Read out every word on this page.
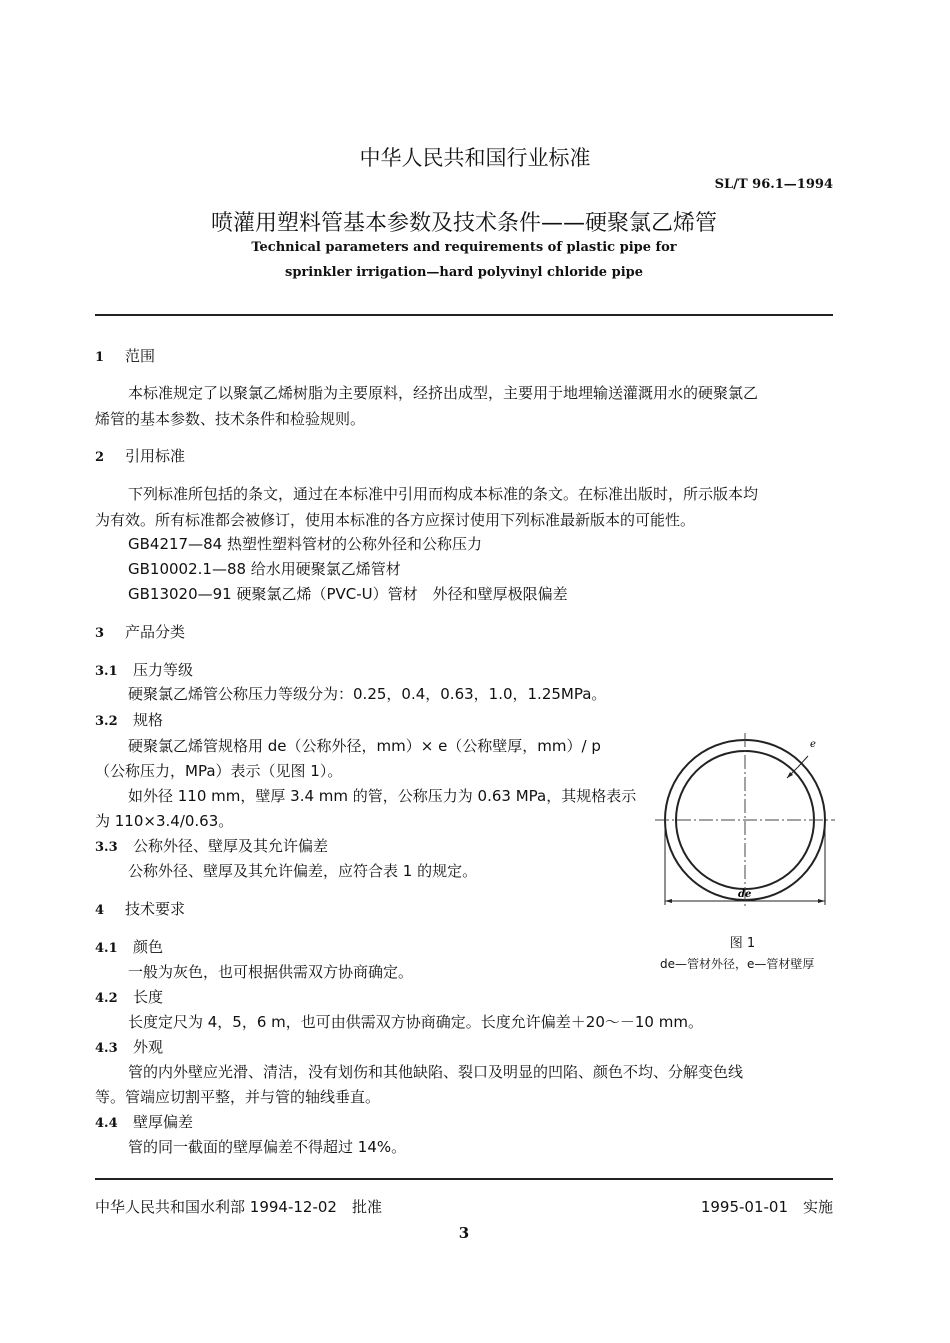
中华人民共和国行业标准
SL/T 96.1—1994
喷灌用塑料管基本参数及技术条件——硬聚氯乙烯管
Technical parameters and requirements of plastic pipe for
sprinkler irrigation—hard polyvinyl chloride pipe
1 范围
本标准规定了以聚氯乙烯树脂为主要原料，经挤出成型，主要用于地埋输送灌溉用水的硬聚氯乙
烯管的基本参数、技术条件和检验规则。
2 引用标准
下列标准所包括的条文，通过在本标准中引用而构成本标准的条文。在标准出版时，所示版本均
为有效。所有标准都会被修订，使用本标准的各方应探讨使用下列标准最新版本的可能性。
GB4217—84 热塑性塑料管材的公称外径和公称压力
GB10002.1—88 给水用硬聚氯乙烯管材
GB13020—91 硬聚氯乙烯（PVC-U）管材　外径和壁厚极限偏差
3 产品分类
3.1 压力等级
硬聚氯乙烯管公称压力等级分为：0.25，0.4，0.63，1.0，1.25MPa。
3.2 规格
硬聚氯乙烯管规格用 de（公称外径，mm）× e（公称壁厚，mm）/ p
（公称压力，MPa）表示（见图 1）。
如外径 110 mm，壁厚 3.4 mm 的管，公称压力为 0.63 MPa，其规格表示
为 110×3.4/0.63。
3.3 公称外径、壁厚及其允许偏差
公称外径、壁厚及其允许偏差，应符合表 1 的规定。
4 技术要求
4.1 颜色
一般为灰色，也可根据供需双方协商确定。
4.2 长度
长度定尺为 4，5，6 m，也可由供需双方协商确定。长度允许偏差＋20～－10 mm。
4.3 外观
管的内外壁应光滑、清洁，没有划伤和其他缺陷、裂口及明显的凹陷、颜色不均、分解变色线
等。管端应切割平整，并与管的轴线垂直。
4.4 壁厚偏差
管的同一截面的壁厚偏差不得超过 14%。
e
de
图 1
de—管材外径，e—管材壁厚
中华人民共和国水利部 1994-12-02　批准	1995-01-01　实施
3
